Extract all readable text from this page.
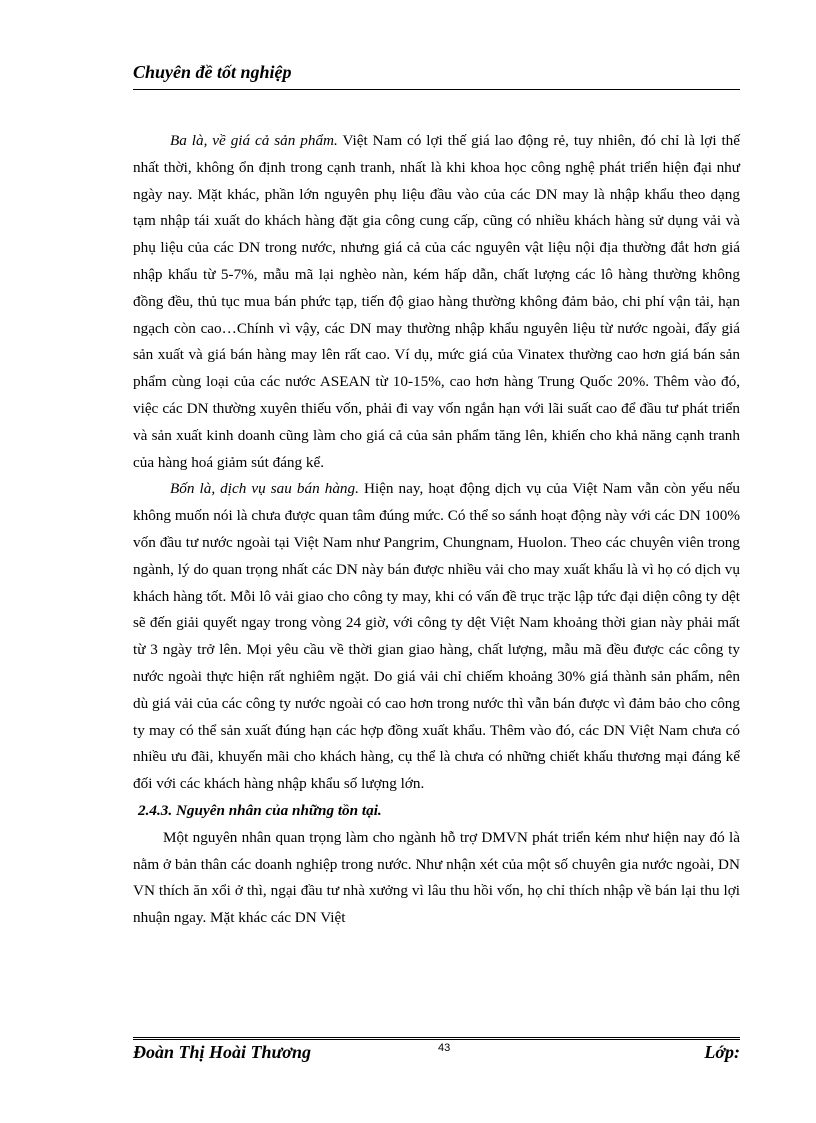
Chuyên đề tốt nghiệp

Ba là, về giá cả sản phẩm. Việt Nam có lợi thế giá lao động rẻ, tuy nhiên, đó chỉ là lợi thế nhất thời, không ổn định trong cạnh tranh, nhất là khi khoa học công nghệ phát triển hiện đại như ngày nay. Mặt khác, phần lớn nguyên phụ liệu đầu vào của các DN may là nhập khẩu theo dạng tạm nhập tái xuất do khách hàng đặt gia công cung cấp, cũng có nhiều khách hàng sử dụng vải và phụ liệu của các DN trong nước, nhưng giá cả của các nguyên vật liệu nội địa thường đắt hơn giá nhập khẩu từ 5-7%, mẫu mã lại nghèo nàn, kém hấp dẫn, chất lượng các lô hàng thường không đồng đều, thủ tục mua bán phức tạp, tiến độ giao hàng thường không đảm bảo, chi phí vận tải, hạn ngạch còn cao…Chính vì vậy, các DN may thường nhập khẩu nguyên liệu từ nước ngoài, đẩy giá sản xuất và giá bán hàng may lên rất cao. Ví dụ, mức giá của Vinatex thường cao hơn giá bán sản phẩm cùng loại của các nước ASEAN từ 10-15%, cao hơn hàng Trung Quốc 20%. Thêm vào đó, việc các DN thường xuyên thiếu vốn, phải đi vay vốn ngắn hạn với lãi suất cao để đầu tư phát triển và sản xuất kinh doanh cũng làm cho giá cả của sản phẩm tăng lên, khiến cho khả năng cạnh tranh của hàng hoá giảm sút đáng kể.

Bốn là, dịch vụ sau bán hàng. Hiện nay, hoạt động dịch vụ của Việt Nam vẫn còn yếu nếu không muốn nói là chưa được quan tâm đúng mức. Có thể so sánh hoạt động này với các DN 100% vốn đầu tư nước ngoài tại Việt Nam như Pangrim, Chungnam, Huolon. Theo các chuyên viên trong ngành, lý do quan trọng nhất các DN này bán được nhiều vải cho may xuất khẩu là vì họ có dịch vụ khách hàng tốt. Mỗi lô vải giao cho công ty may, khi có vấn đề trục trặc lập tức đại diện công ty dệt sẽ đến giải quyết ngay trong vòng 24 giờ, với công ty dệt Việt Nam khoảng thời gian này phải mất từ 3 ngày trở lên. Mọi yêu cầu về thời gian giao hàng, chất lượng, mẫu mã đều được các công ty nước ngoài thực hiện rất nghiêm ngặt. Do giá vải chỉ chiếm khoảng 30% giá thành sản phẩm, nên dù giá vải của các công ty nước ngoài có cao hơn trong nước thì vẫn bán được vì đảm bảo cho công ty may có thể sản xuất đúng hạn các hợp đồng xuất khẩu. Thêm vào đó, các DN Việt Nam chưa có nhiều ưu đãi, khuyến mãi cho khách hàng, cụ thể là chưa có những chiết khấu thương mại đáng kể đối với các khách hàng nhập khẩu số lượng lớn.

2.4.3. Nguyên nhân của những tồn tại.

Một nguyên nhân quan trọng làm cho ngành hỗ trợ DMVN phát triển kém như hiện nay đó là nằm ở bản thân các doanh nghiệp trong nước. Như nhận xét của một số chuyên gia nước ngoài, DN VN thích ăn xổi ở thì, ngại đầu tư nhà xưởng vì lâu thu hồi vốn, họ chỉ thích nhập về bán lại thu lợi nhuận ngay. Mặt khác các DN Việt

Đoàn Thị Hoài Thương	43	Lớp:
